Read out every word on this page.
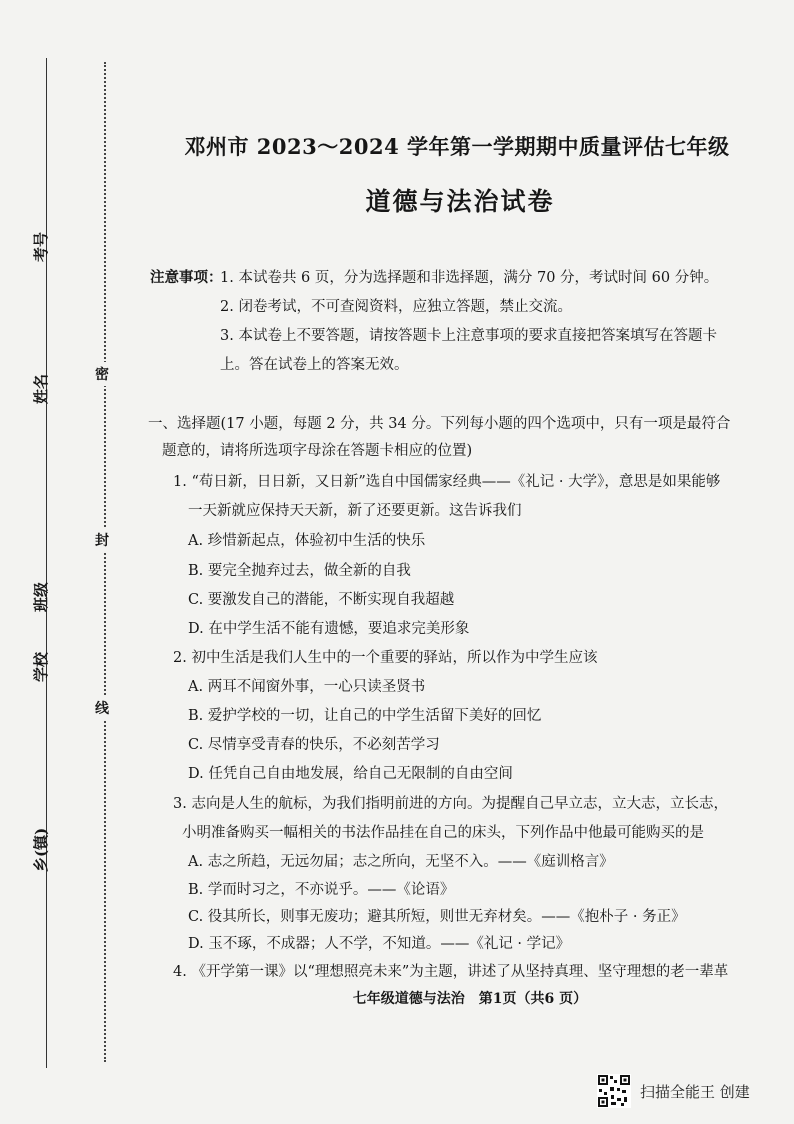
考号
姓名
班级
学校
乡(镇)
密
封
线
邓州市 2023～2024 学年第一学期期中质量评估七年级
道德与法治试卷
注意事项：
1. 本试卷共 6 页，分为选择题和非选择题，满分 70 分，考试时间 60 分钟。
2. 闭卷考试，不可查阅资料，应独立答题，禁止交流。
3. 本试卷上不要答题，请按答题卡上注意事项的要求直接把答案填写在答题卡
上。答在试卷上的答案无效。
一、选择题(17 小题，每题 2 分，共 34 分。下列每小题的四个选项中，只有一项是最符合
题意的，请将所选项字母涂在答题卡相应的位置)
1. “苟日新，日日新，又日新”选自中国儒家经典——《礼记 · 大学》，意思是如果能够
一天新就应保持天天新，新了还要更新。这告诉我们
A. 珍惜新起点，体验初中生活的快乐
B. 要完全抛弃过去，做全新的自我
C. 要激发自己的潜能，不断实现自我超越
D. 在中学生活不能有遗憾，要追求完美形象
2. 初中生活是我们人生中的一个重要的驿站，所以作为中学生应该
A. 两耳不闻窗外事，一心只读圣贤书
B. 爱护学校的一切，让自己的中学生活留下美好的回忆
C. 尽情享受青春的快乐，不必刻苦学习
D. 任凭自己自由地发展，给自己无限制的自由空间
3. 志向是人生的航标，为我们指明前进的方向。为提醒自己早立志，立大志，立长志，
小明准备购买一幅相关的书法作品挂在自己的床头，下列作品中他最可能购买的是
A. 志之所趋，无远勿届；志之所向，无坚不入。——《庭训格言》
B. 学而时习之，不亦说乎。——《论语》
C. 役其所长，则事无废功；避其所短，则世无弃材矣。——《抱朴子 · 务正》
D. 玉不琢，不成器；人不学，不知道。——《礼记 · 学记》
4. 《开学第一课》以“理想照亮未来”为主题，讲述了从坚持真理、坚守理想的老一辈革
七年级道德与法治　第1页（共6 页）
扫描全能王 创建
